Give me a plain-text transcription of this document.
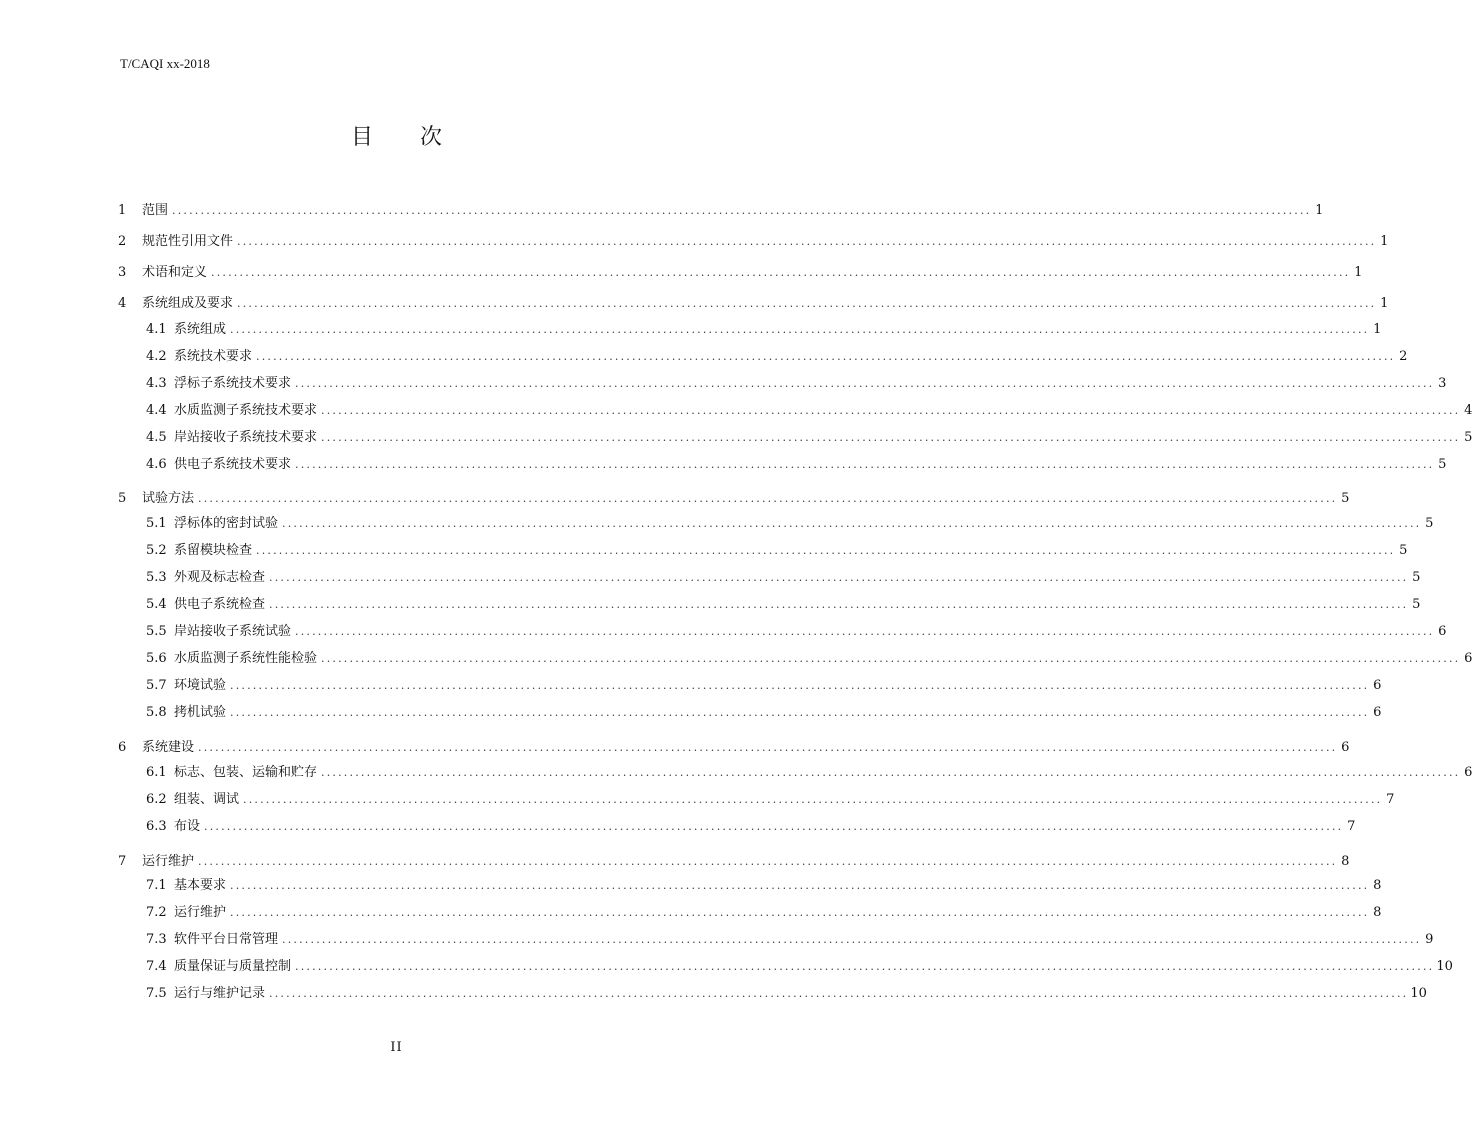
T/CAQI xx-2018
目 次
1	范围 ........................................................................................................................................................................................................ 1
2	规范性引用文件 ........................................................................................................................................................................................................ 1
3	术语和定义 ........................................................................................................................................................................................................ 1
4	系统组成及要求 ........................................................................................................................................................................................................ 1
4.1 系统组成 ........................................................................................................................................................................................................ 1
4.2 系统技术要求 ........................................................................................................................................................................................................ 2
4.3 浮标子系统技术要求 ........................................................................................................................................................................................................ 3
4.4 水质监测子系统技术要求 ........................................................................................................................................................................................................ 4
4.5 岸站接收子系统技术要求 ........................................................................................................................................................................................................ 5
4.6 供电子系统技术要求 ........................................................................................................................................................................................................ 5
5	试验方法 ........................................................................................................................................................................................................ 5
5.1 浮标体的密封试验 ........................................................................................................................................................................................................ 5
5.2 系留模块检查 ........................................................................................................................................................................................................ 5
5.3 外观及标志检查 ........................................................................................................................................................................................................ 5
5.4 供电子系统检查 ........................................................................................................................................................................................................ 5
5.5 岸站接收子系统试验 ........................................................................................................................................................................................................ 6
5.6 水质监测子系统性能检验 ........................................................................................................................................................................................................ 6
5.7 环境试验 ........................................................................................................................................................................................................ 6
5.8 拷机试验 ........................................................................................................................................................................................................ 6
6	系统建设 ........................................................................................................................................................................................................ 6
6.1 标志、包装、运输和贮存 ........................................................................................................................................................................................................ 6
6.2 组装、调试 ........................................................................................................................................................................................................ 7
6.3 布设 ........................................................................................................................................................................................................ 7
7	运行维护 ........................................................................................................................................................................................................ 8
7.1 基本要求 ........................................................................................................................................................................................................ 8
7.2 运行维护 ........................................................................................................................................................................................................ 8
7.3 软件平台日常管理 ........................................................................................................................................................................................................ 9
7.4 质量保证与质量控制 ........................................................................................................................................................................................................ 10
7.5 运行与维护记录 ........................................................................................................................................................................................................ 10
II
